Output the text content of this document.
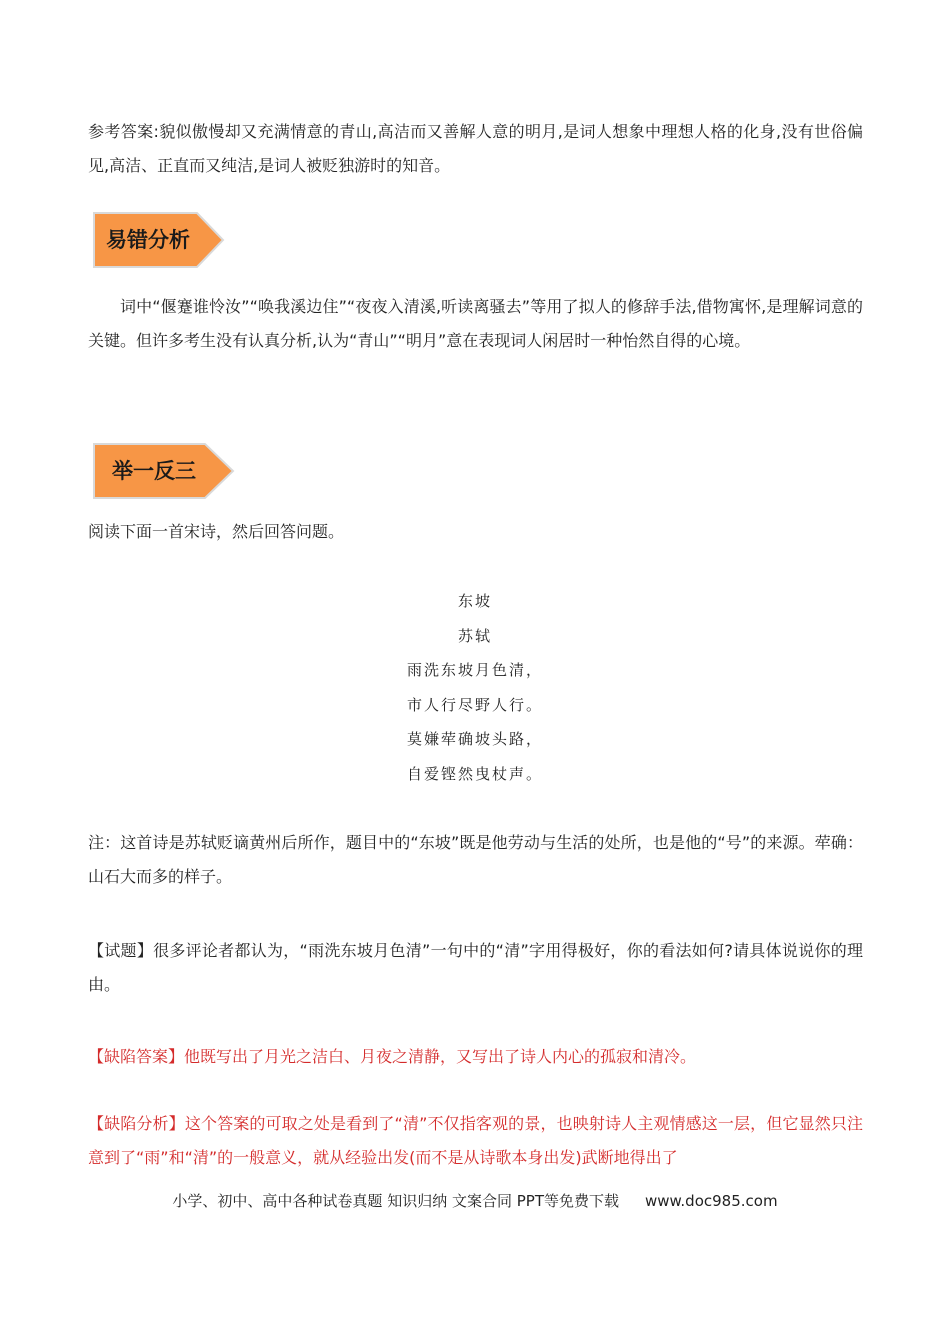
参考答案:貌似傲慢却又充满情意的青山,高洁而又善解人意的明月,是词人想象中理想人格的化身,没有世俗偏见,高洁、正直而又纯洁,是词人被贬独游时的知音。

易错分析

词中“偃蹇谁怜汝”“唤我溪边住”“夜夜入清溪,听读离骚去”等用了拟人的修辞手法,借物寓怀,是理解词意的关键。但许多考生没有认真分析,认为“青山”“明月”意在表现词人闲居时一种怡然自得的心境。

举一反三

阅读下面一首宋诗，然后回答问题。

东坡
苏轼
雨洗东坡月色清，
市人行尽野人行。
莫嫌荦确坡头路，
自爱铿然曳杖声。

注：这首诗是苏轼贬谪黄州后所作，题目中的“东坡”既是他劳动与生活的处所，也是他的“号”的来源。荦确：山石大而多的样子。

【试题】很多评论者都认为，“雨洗东坡月色清”一句中的“清”字用得极好，你的看法如何?请具体说说你的理由。

【缺陷答案】他既写出了月光之洁白、月夜之清静，又写出了诗人内心的孤寂和清冷。

【缺陷分析】这个答案的可取之处是看到了“清”不仅指客观的景，也映射诗人主观情感这一层，但它显然只注意到了“雨”和“清”的一般意义，就从经验出发(而不是从诗歌本身出发)武断地得出了

小学、初中、高中各种试卷真题 知识归纳 文案合同 PPT等免费下载 www.doc985.com
